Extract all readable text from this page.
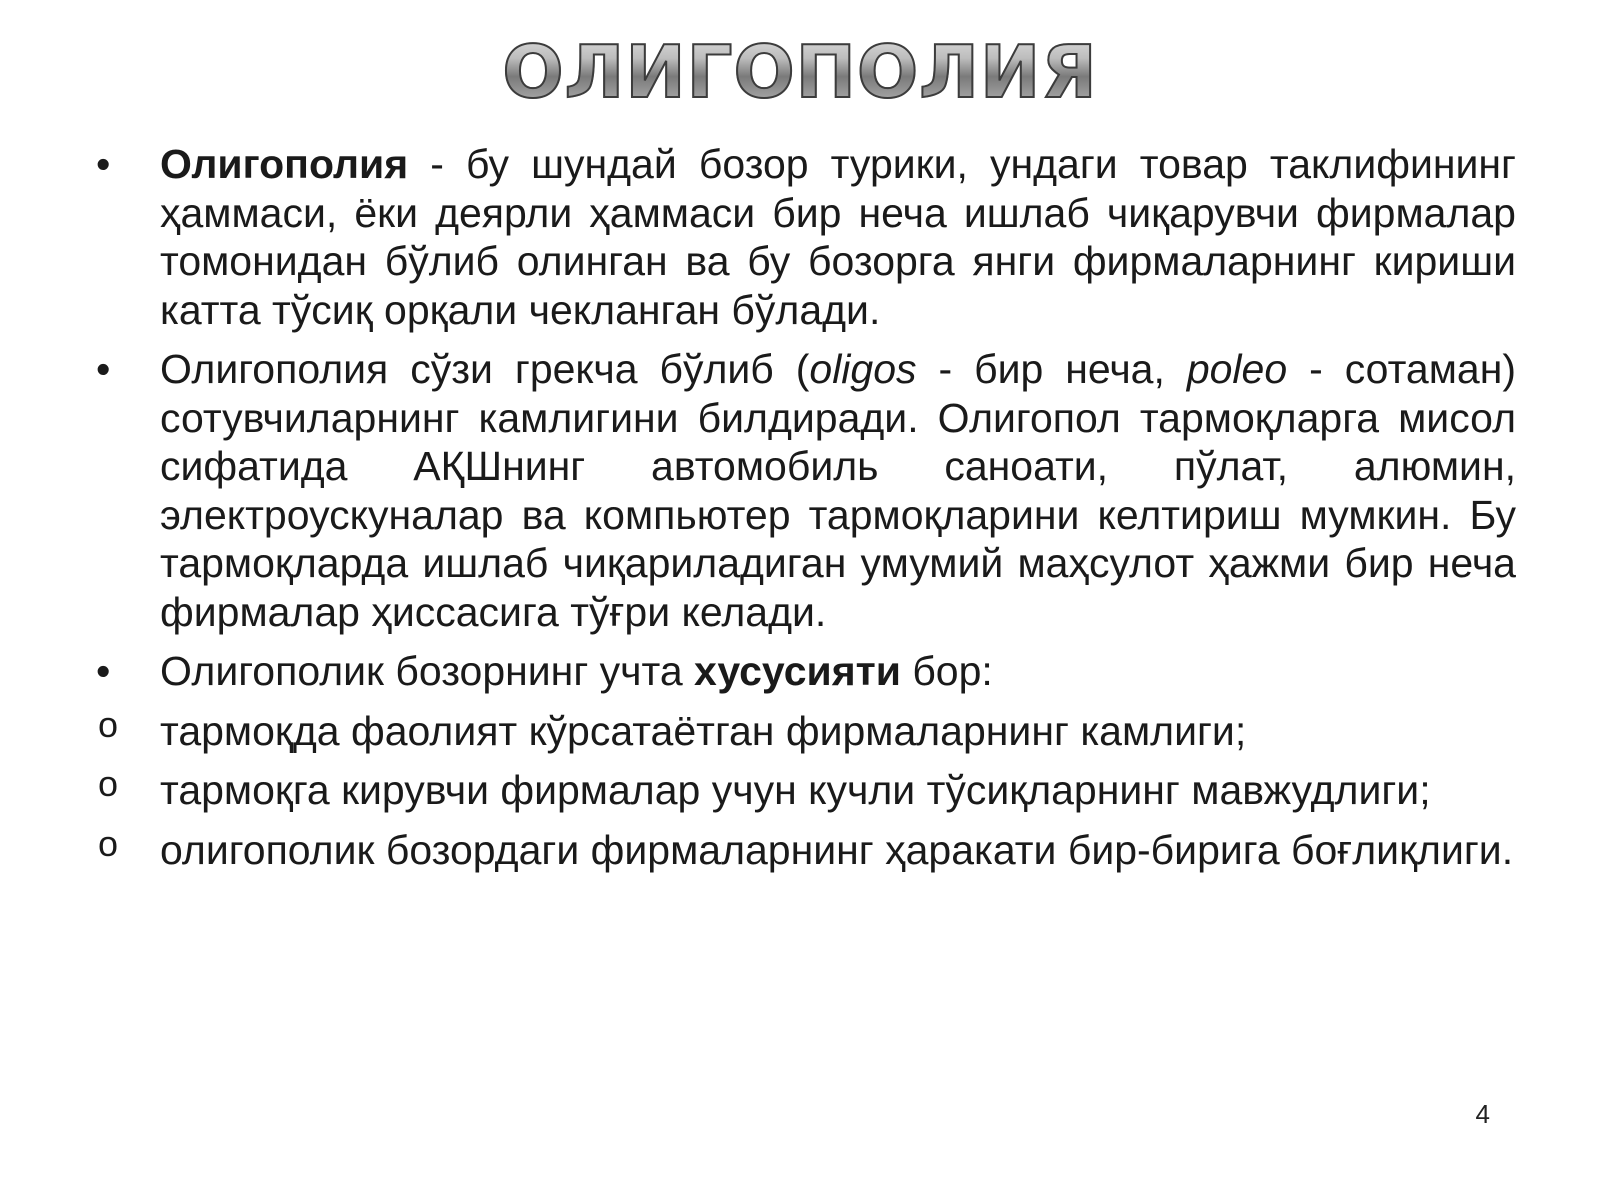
ОЛИГОПОЛИЯ
• Олигополия - бу шундай бозор турики, ундаги товар таклифининг ҳаммаси, ёки деярли ҳаммаси бир неча ишлаб чиқарувчи фирмалар томонидан бўлиб олинган ва бу бозорга янги фирмаларнинг кириши катта тўсиқ орқали чекланган бўлади.
• Олигополия сўзи грекча бўлиб (oligos - бир неча, poleo - сотаман) сотувчиларнинг камлигини билдиради. Олигопол тармоқларга мисол сифатида АҚШнинг автомобиль саноати, пўлат, алюмин, электроускуналар ва компьютер тармоқларини келтириш мумкин. Бу тармоқларда ишлаб чиқариладиган умумий маҳсулот ҳажми бир неча фирмалар ҳиссасига тўғри келади.
• Олигополик бозорнинг учта хусусияти бор:
o тармоқда фаолият кўрсатаётган фирмаларнинг камлиги;
o тармоқга кирувчи фирмалар учун кучли тўсиқларнинг мавжудлиги;
o олигополик бозордаги фирмаларнинг ҳаракати бир-бирига боғлиқлиги.
4
